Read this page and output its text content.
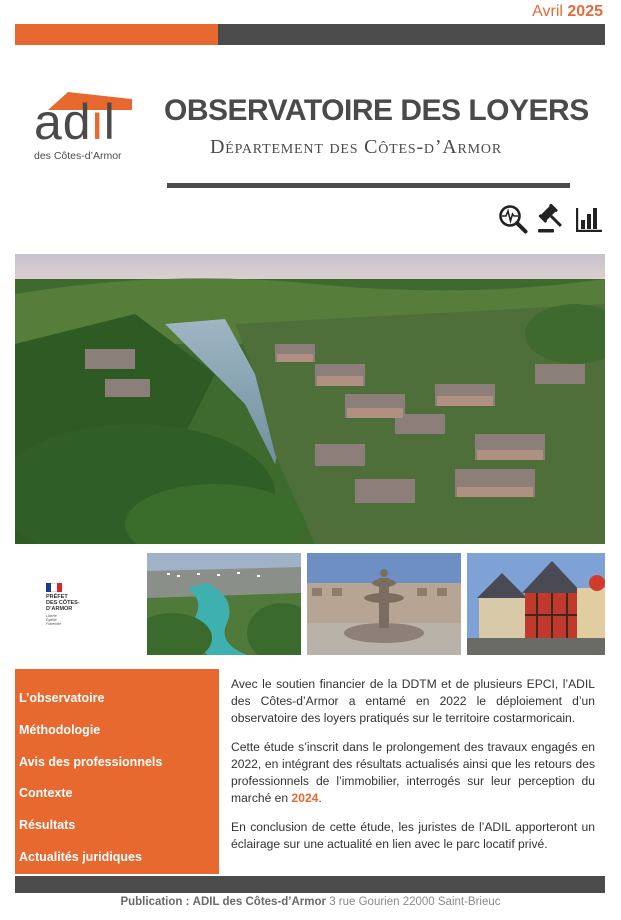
Avril 2025
adil
des Côtes-d’Armor
OBSERVATOIRE DES LOYERS
Département des Côtes-d’Armor
PRÉFET
DES CÔTES-
D’ARMOR
Liberté
Égalité
Fraternité
L’observatoire
Méthodologie
Avis des professionnels
Contexte
Résultats
Actualités juridiques

Avec le soutien financier de la DDTM et de plusieurs EPCI, l’ADIL des Côtes-d’Armor a entamé en 2022 le déploiement d’un observatoire des loyers pratiqués sur le territoire costarmoricain.

Cette étude s’inscrit dans le prolongement des travaux engagés en 2022, en intégrant des résultats actualisés ainsi que les retours des professionnels de l’immobilier, interrogés sur leur perception du marché en 2024.

En conclusion de cette étude, les juristes de l’ADIL apporteront un éclairage sur une actualité en lien avec le parc locatif privé.

Publication : ADIL des Côtes-d’Armor 3 rue Gourien 22000 Saint-Brieuc
